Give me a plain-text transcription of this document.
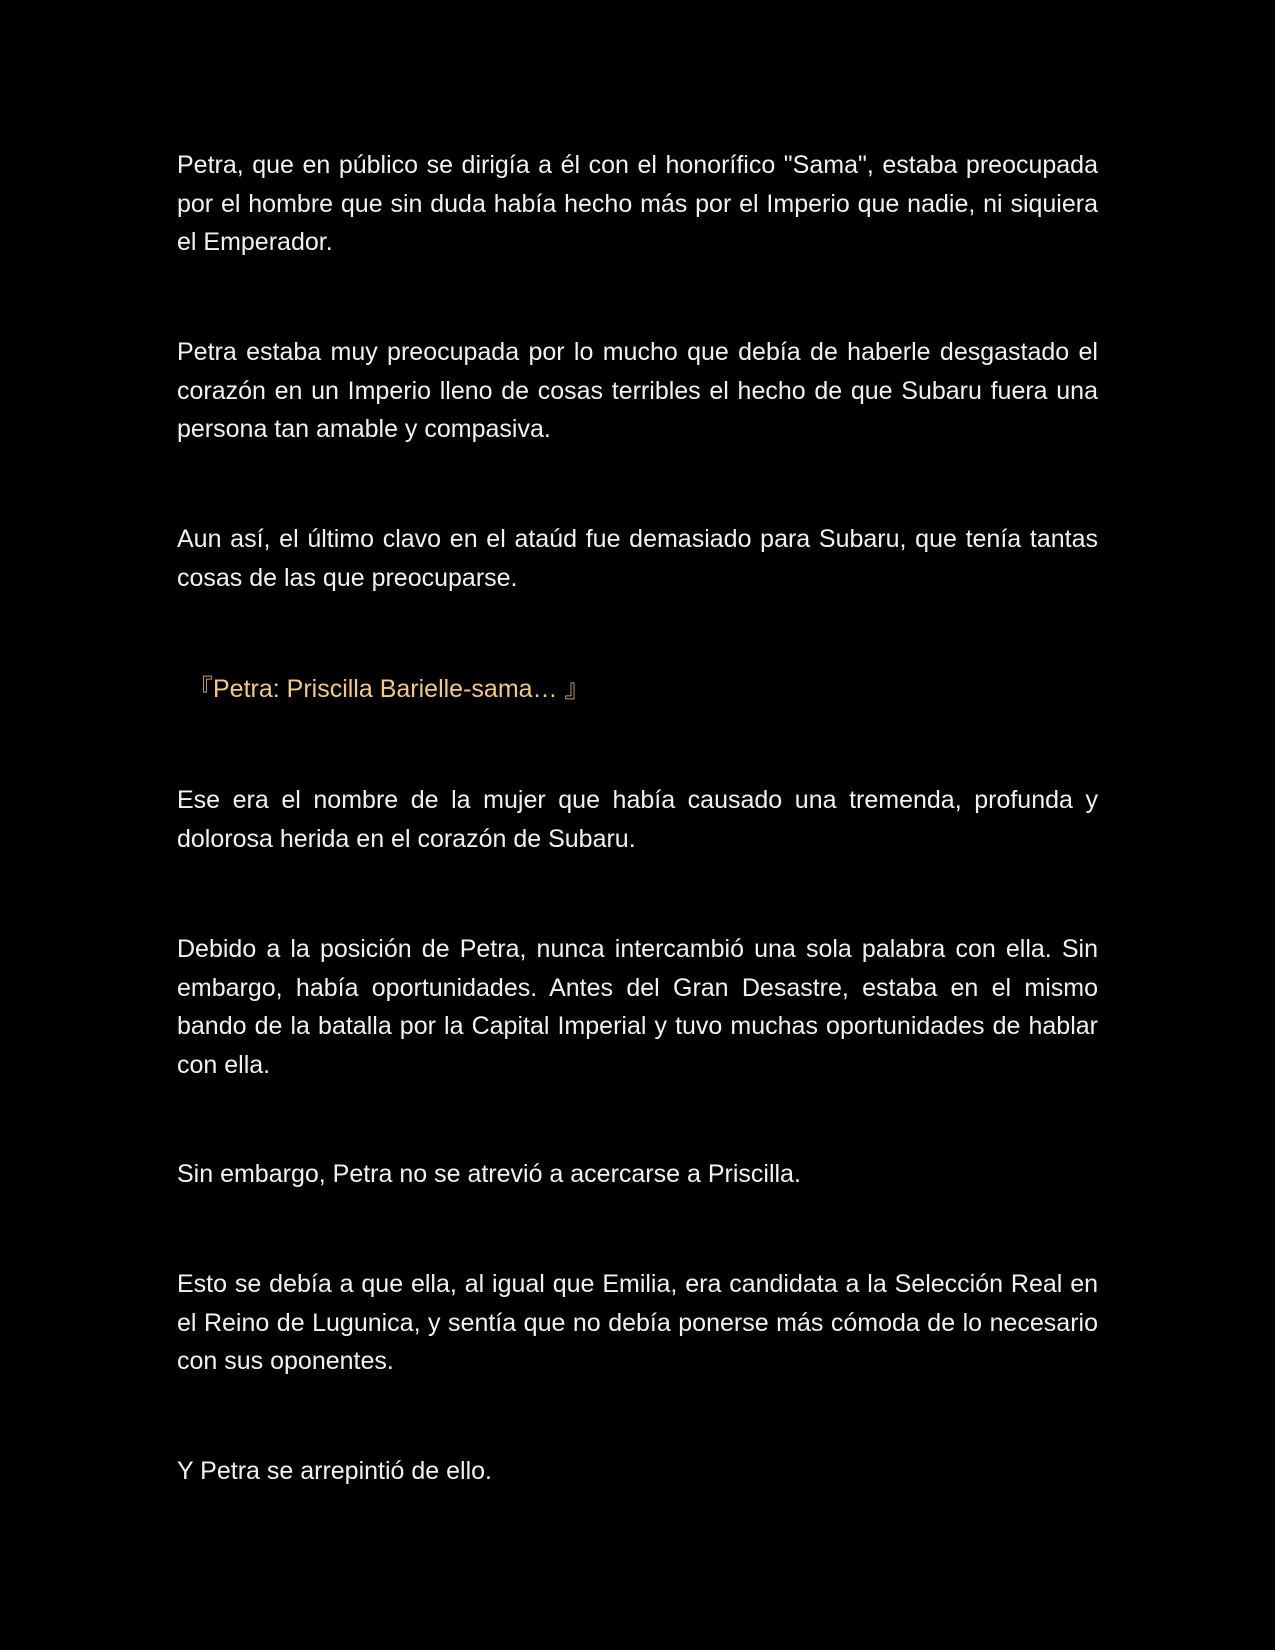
Petra, que en público se dirigía a él con el honorífico "Sama", estaba preocupada por el hombre que sin duda había hecho más por el Imperio que nadie, ni siquiera el Emperador.

Petra estaba muy preocupada por lo mucho que debía de haberle desgastado el corazón en un Imperio lleno de cosas terribles el hecho de que Subaru fuera una persona tan amable y compasiva.

Aun así, el último clavo en el ataúd fue demasiado para Subaru, que tenía tantas cosas de las que preocuparse.

『Petra: Priscilla Barielle-sama… 』

Ese era el nombre de la mujer que había causado una tremenda, profunda y dolorosa herida en el corazón de Subaru.

Debido a la posición de Petra, nunca intercambió una sola palabra con ella. Sin embargo, había oportunidades. Antes del Gran Desastre, estaba en el mismo bando de la batalla por la Capital Imperial y tuvo muchas oportunidades de hablar con ella.

Sin embargo, Petra no se atrevió a acercarse a Priscilla.

Esto se debía a que ella, al igual que Emilia, era candidata a la Selección Real en el Reino de Lugunica, y sentía que no debía ponerse más cómoda de lo necesario con sus oponentes.

Y Petra se arrepintió de ello.
